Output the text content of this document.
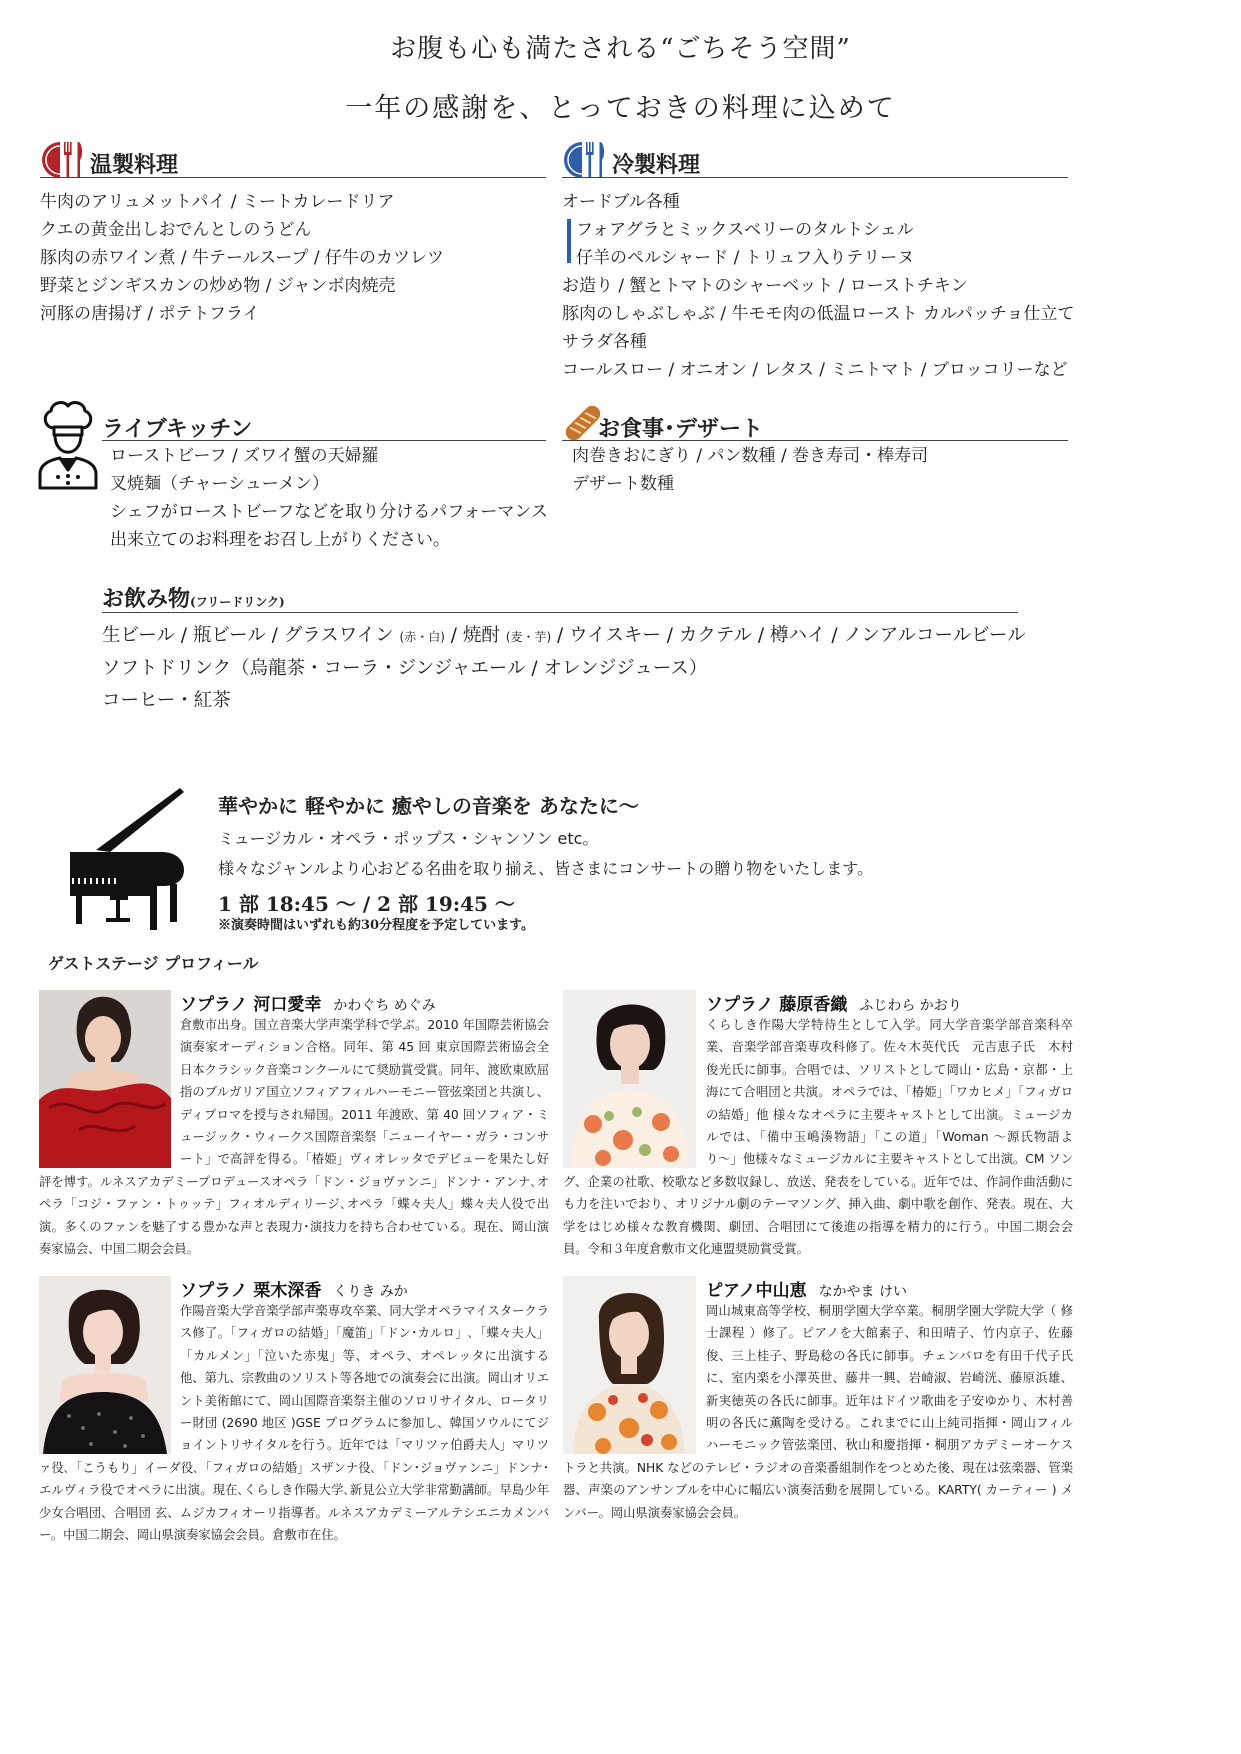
お腹も心も満たされる“ごちそう空間”
一年の感謝を、とっておきの料理に込めて
温製料理
牛肉のアリュメットパイ / ミートカレードリア
クエの黄金出しおでんとしのうどん
豚肉の赤ワイン煮 / 牛テールスープ / 仔牛のカツレツ
野菜とジンギスカンの炒め物 / ジャンボ肉焼売
河豚の唐揚げ / ポテトフライ
冷製料理
オードブル各種
フォアグラとミックスベリーのタルトシェル
仔羊のペルシャード / トリュフ入りテリーヌ
お造り / 蟹とトマトのシャーベット / ローストチキン
豚肉のしゃぶしゃぶ / 牛モモ肉の低温ロースト カルパッチョ仕立て
サラダ各種
コールスロー / オニオン / レタス / ミニトマト / ブロッコリーなど
ライブキッチン
ローストビーフ / ズワイ蟹の天婦羅
叉焼麺（チャーシューメン）
シェフがローストビーフなどを取り分けるパフォーマンス
出来立てのお料理をお召し上がりください。
お食事･デザート
肉巻きおにぎり / パン数種 / 巻き寿司・棒寿司
デザート数種
お飲み物(フリードリンク)
生ビール / 瓶ビール / グラスワイン (赤・白) / 焼酎 (麦・芋) / ウイスキー / カクテル / 樽ハイ / ノンアルコールビール
ソフトドリンク（烏龍茶・コーラ・ジンジャエール / オレンジジュース）
コーヒー・紅茶
華やかに 軽やかに 癒やしの音楽を あなたに〜
ミュージカル・オペラ・ポップス・シャンソン etc。
様々なジャンルより心おどる名曲を取り揃え、皆さまにコンサートの贈り物をいたします。
1 部 18:45 〜 / 2 部 19:45 〜
※演奏時間はいずれも約30分程度を予定しています。
ゲストステージ プロフィール
ソプラノ 河口愛幸 かわぐち めぐみ
倉敷市出身。国立音楽大学声楽学科で学ぶ。2010 年国際芸術協会演奏家オーディション合格。同年、第 45 回 東京国際芸術協会全日本クラシック音楽コンクールにて奨励賞受賞。同年、渡欧東欧屈指のブルガリア国立ソフィアフィルハーモニー管弦楽団と共演し、ディプロマを授与され帰国。2011 年渡欧、第 40 回ソフィア・ミュージック・ウィークス国際音楽祭「ニューイヤー・ガラ・コンサート」で高評を得る。「椿姫」ヴィオレッタでデビューを果たし好評を博す。ルネスアカデミープロデュースオペラ「ドン・ジョヴァンニ」ドンナ・アンナ､オペラ「コジ・ファン・トゥッテ」フィオルディリージ､オペラ「蝶々夫人」蝶々夫人役で出演。多くのファンを魅了する豊かな声と表現力･演技力を持ち合わせている。現在、岡山演奏家協会、中国二期会会員。
ソプラノ 藤原香織 ふじわら かおり
くらしき作陽大学特待生として入学。同大学音楽学部音楽科卒業、音楽学部音楽専攻科修了。佐々木英代氏　元吉恵子氏　木村俊光氏に師事。合唱では、ソリストとして岡山・広島・京都・上海にて合唱団と共演。オペラでは、「椿姫」「ワカヒメ」「フィガロの結婚」他 様々なオペラに主要キャストとして出演。ミュージカルでは､「備中玉嶋湊物語」「この道」「Woman 〜源氏物語より〜」他様々なミュージカルに主要キャストとして出演。CM ソング、企業の社歌、校歌など多数収録し、放送、発表をしている。近年では、作詞作曲活動にも力を注いでおり、オリジナル劇のテーマソング、挿入曲、劇中歌を創作、発表。現在、大学をはじめ様々な教育機関、劇団、合唱団にて後進の指導を精力的に行う。中国二期会会員。令和３年度倉敷市文化連盟奨励賞受賞。
ソプラノ 栗木深香 くりき みか
作陽音楽大学音楽学部声楽専攻卒業、同大学オペラマイスタークラス修了。「フィガロの結婚」「魔笛」「ドン･カルロ」､「蝶々夫人」「カルメン」「泣いた赤鬼」等、オペラ、オペレッタに出演する他、第九、宗教曲のソリスト等各地での演奏会に出演。岡山オリエント美術館にて、岡山国際音楽祭主催のソロリサイタル、ロータリー財団 (2690 地区 )GSE プログラムに参加し、韓国ソウルにてジョイントリサイタルを行う。近年では「マリツァ伯爵夫人」マリツァ役､「こうもり」イーダ役､「フィガロの結婚」スザンナ役､「ドン･ジョヴァンニ」ドンナ･エルヴィラ役でオペラに出演。現在､くらしき作陽大学､新見公立大学非常勤講師。早島少年少女合唱団、合唱団 玄、ムジカフィオーリ指導者。ルネスアカデミーアルテシエニカメンバー。中国二期会、岡山県演奏家協会会員。倉敷市在住。
ピアノ中山恵 なかやま けい
岡山城東高等学校、桐朋学園大学卒業。桐朋学園大学院大学（ 修士課程 ）修了。ピアノを大館素子、和田晴子、竹内京子、佐藤俊、三上桂子、野島稔の各氏に師事。チェンバロを有田千代子氏に、室内楽を小澤英世、藤井一興、岩崎淑、岩崎洸、藤原浜雄、新実徳英の各氏に師事。近年はドイツ歌曲を子安ゆかり、木村善明の各氏に薫陶を受ける。これまでに山上純司指揮・岡山フィルハーモニック管弦楽団、秋山和慶指揮・桐朋アカデミーオーケストラと共演。NHK などのテレビ・ラジオの音楽番組制作をつとめた後、現在は弦楽器、管楽器、声楽のアンサンブルを中心に幅広い演奏活動を展開している。KARTY( カーティー ) メンバー。岡山県演奏家協会会員。
